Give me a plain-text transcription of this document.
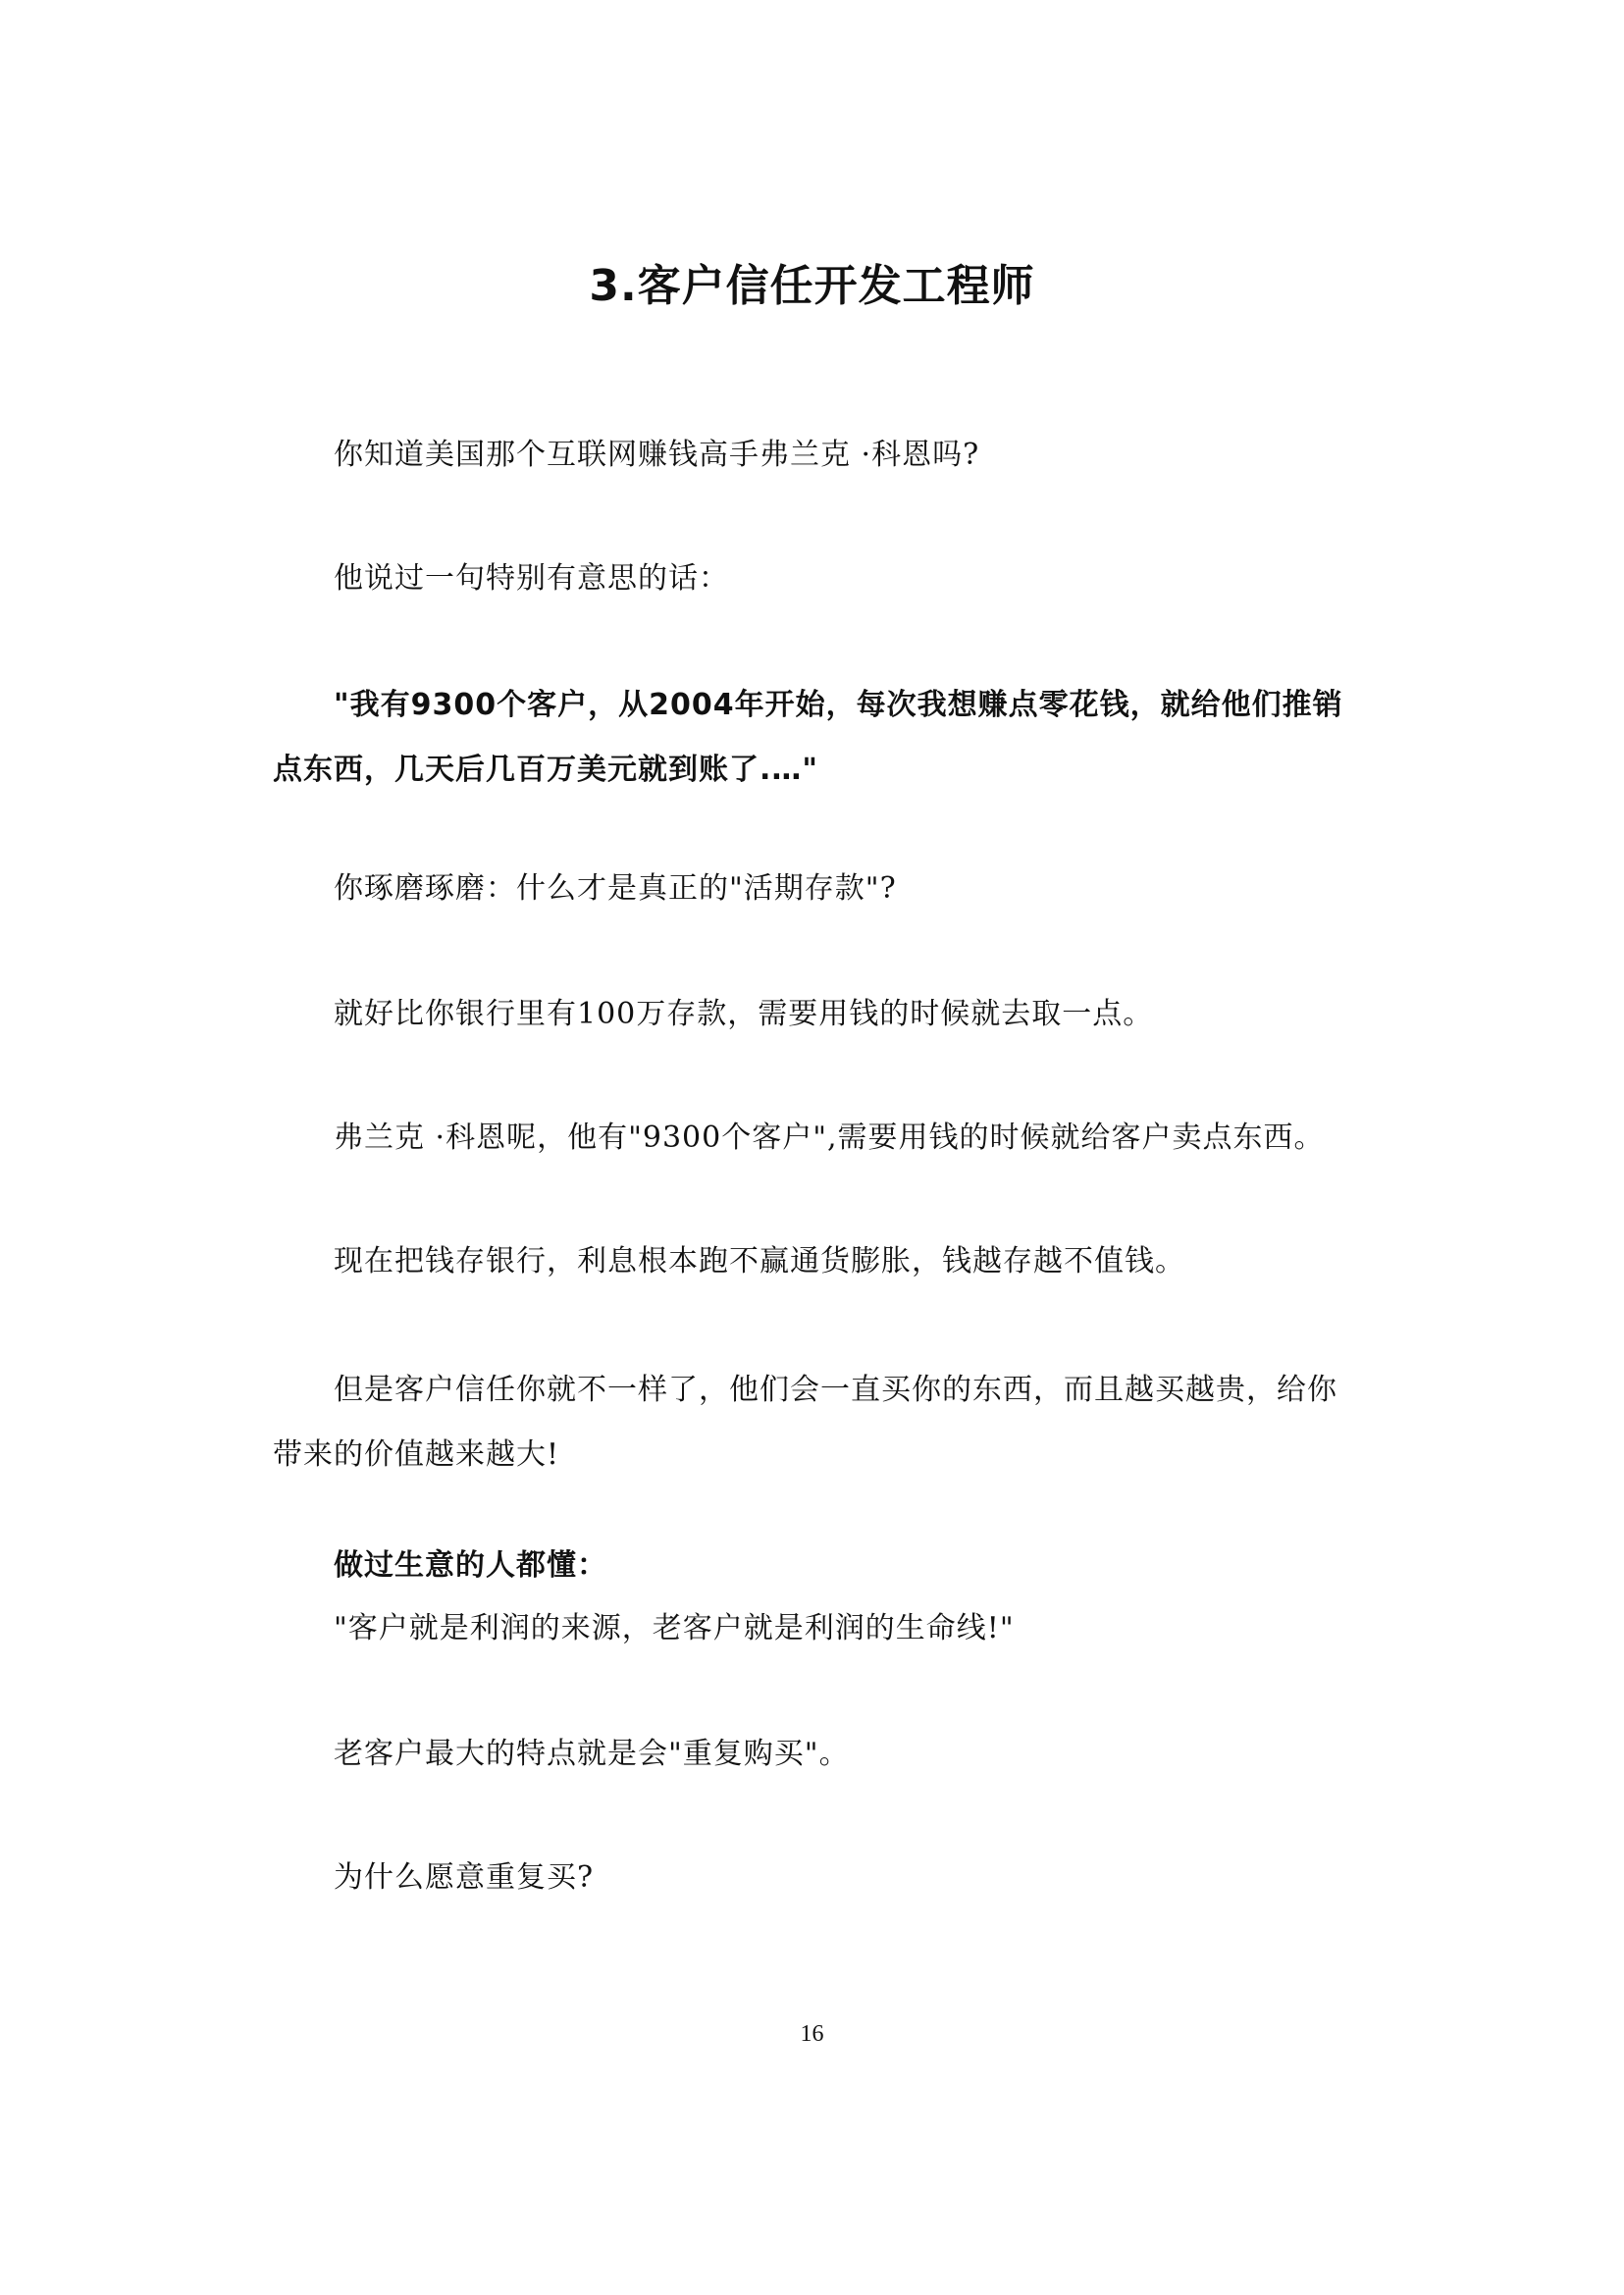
3.客户信任开发工程师
你知道美国那个互联网赚钱高手弗兰克 ·科恩吗?
他说过一句特别有意思的话：
"我有9300个客户，从2004年开始，每次我想赚点零花钱，就给他们推销点东西，几天后几百万美元就到账了.…"
你琢磨琢磨：什么才是真正的"活期存款"?
就好比你银行里有100万存款，需要用钱的时候就去取一点。
弗兰克 ·科恩呢，他有"9300个客户",需要用钱的时候就给客户卖点东西。
现在把钱存银行，利息根本跑不赢通货膨胀，钱越存越不值钱。
但是客户信任你就不一样了，他们会一直买你的东西，而且越买越贵，给你带来的价值越来越大!
做过生意的人都懂：
"客户就是利润的来源，老客户就是利润的生命线!"
老客户最大的特点就是会"重复购买"。
为什么愿意重复买?
16
